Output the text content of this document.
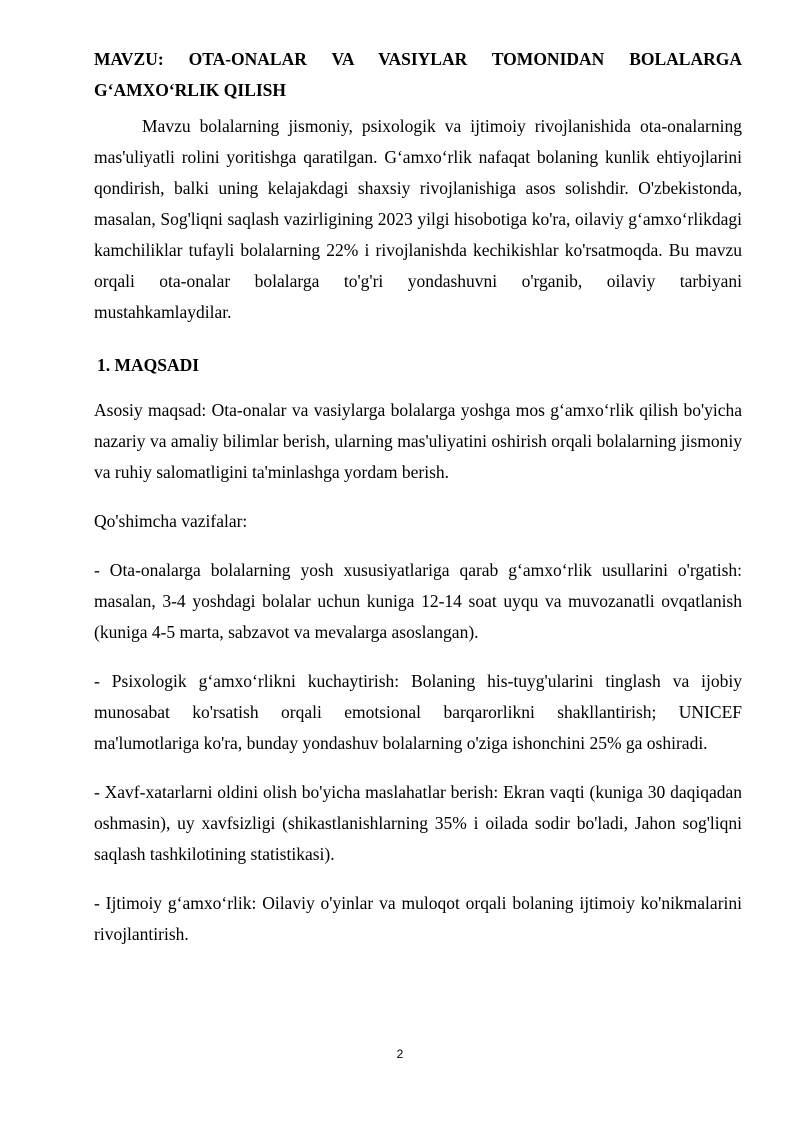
MAVZU: OTA-ONALAR VA VASIYLAR TOMONIDAN BOLALARGA G‘AMXO‘RLIK QILISH

Mavzu bolalarning jismoniy, psixologik va ijtimoiy rivojlanishida ota-onalarning mas'uliyatli rolini yoritishga qaratilgan. G‘amxo‘rlik nafaqat bolaning kunlik ehtiyojlarini qondirish, balki uning kelajakdagi shaxsiy rivojlanishiga asos solishdir. O'zbekistonda, masalan, Sog'liqni saqlash vazirligining 2023 yilgi hisobotiga ko'ra, oilaviy g‘amxo‘rlikdagi kamchiliklar tufayli bolalarning 22% i rivojlanishda kechikishlar ko'rsatmoqda. Bu mavzu orqali ota-onalar bolalarga to'g'ri yondashuvni o'rganib, oilaviy tarbiyani mustahkamlaydilar.

1. MAQSADI

Asosiy maqsad: Ota-onalar va vasiylarga bolalarga yoshga mos g‘amxo‘rlik qilish bo'yicha nazariy va amaliy bilimlar berish, ularning mas'uliyatini oshirish orqali bolalarning jismoniy va ruhiy salomatligini ta'minlashga yordam berish.

Qo'shimcha vazifalar:

- Ota-onalarga bolalarning yosh xususiyatlariga qarab g‘amxo‘rlik usullarini o'rgatish: masalan, 3-4 yoshdagi bolalar uchun kuniga 12-14 soat uyqu va muvozanatli ovqatlanish (kuniga 4-5 marta, sabzavot va mevalarga asoslangan).

- Psixologik g‘amxo‘rlikni kuchaytirish: Bolaning his-tuyg'ularini tinglash va ijobiy munosabat ko'rsatish orqali emotsional barqarorlikni shakllantirish; UNICEF ma'lumotlariga ko'ra, bunday yondashuv bolalarning o'ziga ishonchini 25% ga oshiradi.

- Xavf-xatarlarni oldini olish bo'yicha maslahatlar berish: Ekran vaqti (kuniga 30 daqiqadan oshmasin), uy xavfsizligi (shikastlanishlarning 35% i oilada sodir bo'ladi, Jahon sog'liqni saqlash tashkilotining statistikasi).

- Ijtimoiy g‘amxo‘rlik: Oilaviy o'yinlar va muloqot orqali bolaning ijtimoiy ko'nikmalarini rivojlantirish.

2
